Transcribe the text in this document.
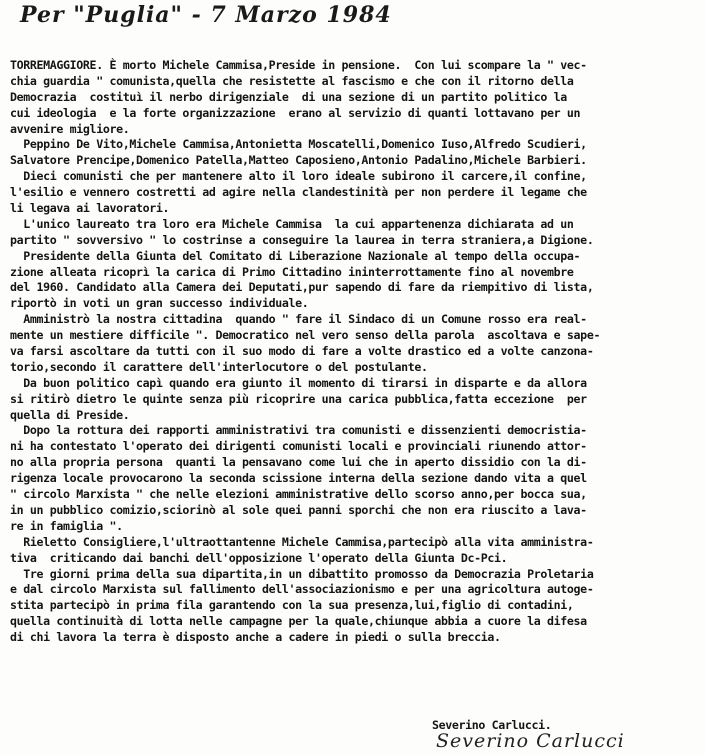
Per "Puglia" - 7 Marzo 1984
TORREMAGGIORE. È morto Michele Cammisa,Preside in pensione.  Con lui scompare la " vec-
chia guardia " comunista,quella che resistette al fascismo e che con il ritorno della
Democrazia  costituì il nerbo dirigenziale  di una sezione di un partito politico la
cui ideologia  e la forte organizzazione  erano al servizio di quanti lottavano per un
avvenire migliore.
Peppino De Vito,Michele Cammisa,Antonietta Moscatelli,Domenico Iuso,Alfredo Scudieri,
Salvatore Prencipe,Domenico Patella,Matteo Caposieno,Antonio Padalino,Michele Barbieri.
Dieci comunisti che per mantenere alto il loro ideale subirono il carcere,il confine,
l'esilio e vennero costretti ad agire nella clandestinità per non perdere il legame che
li legava ai lavoratori.
L'unico laureato tra loro era Michele Cammisa  la cui appartenenza dichiarata ad un
partito " sovversivo " lo costrinse a conseguire la laurea in terra straniera,a Digione.
Presidente della Giunta del Comitato di Liberazione Nazionale al tempo della occupa-
zione alleata ricoprì la carica di Primo Cittadino ininterrottamente fino al novembre
del 1960. Candidato alla Camera dei Deputati,pur sapendo di fare da riempitivo di lista,
riportò in voti un gran successo individuale.
Amministrò la nostra cittadina  quando " fare il Sindaco di un Comune rosso era real-
mente un mestiere difficile ". Democratico nel vero senso della parola  ascoltava e sape-
va farsi ascoltare da tutti con il suo modo di fare a volte drastico ed a volte canzona-
torio,secondo il carattere dell'interlocutore o del postulante.
Da buon politico capì quando era giunto il momento di tirarsi in disparte e da allora
si ritirò dietro le quinte senza più ricoprire una carica pubblica,fatta eccezione  per
quella di Preside.
Dopo la rottura dei rapporti amministrativi tra comunisti e dissenzienti democristia-
ni ha contestato l'operato dei dirigenti comunisti locali e provinciali riunendo attor-
no alla propria persona  quanti la pensavano come lui che in aperto dissidio con la di-
rigenza locale provocarono la seconda scissione interna della sezione dando vita a quel
" circolo Marxista " che nelle elezioni amministrative dello scorso anno,per bocca sua,
in un pubblico comizio,sciorinò al sole quei panni sporchi che non era riuscito a lava-
re in famiglia ".
Rieletto Consigliere,l'ultraottantenne Michele Cammisa,partecipò alla vita amministra-
tiva  criticando dai banchi dell'opposizione l'operato della Giunta Dc-Pci.
Tre giorni prima della sua dipartita,in un dibattito promosso da Democrazia Proletaria
e dal circolo Marxista sul fallimento dell'associazionismo e per una agricoltura autoge-
stita partecipò in prima fila garantendo con la sua presenza,lui,figlio di contadini,
quella continuità di lotta nelle campagne per la quale,chiunque abbia a cuore la difesa
di chi lavora la terra è disposto anche a cadere in piedi o sulla breccia.
Severino Carlucci.
Severino Carlucci
